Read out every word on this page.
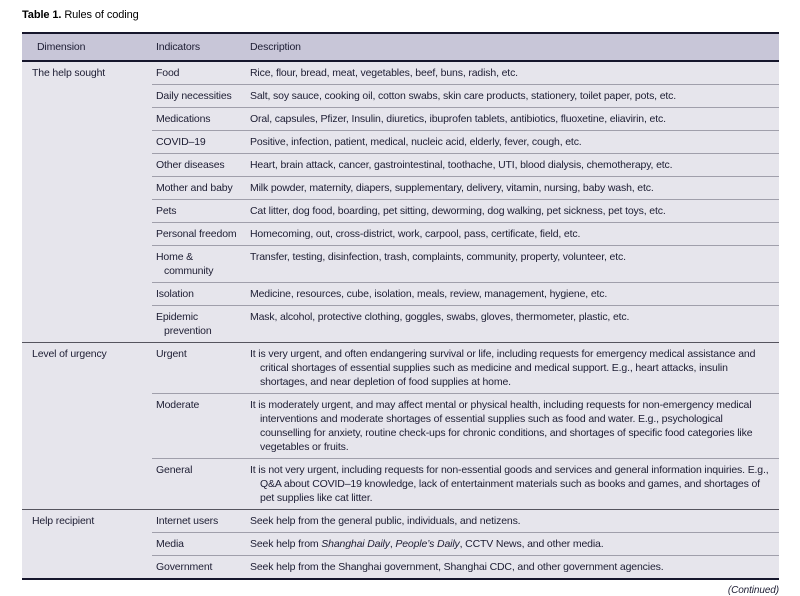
Table 1. Rules of coding
Dimension	Indicators	Description
The help sought	Food	Rice, flour, bread, meat, vegetables, beef, buns, radish, etc.
	Daily necessities	Salt, soy sauce, cooking oil, cotton swabs, skin care products, stationery, toilet paper, pots, etc.
	Medications	Oral, capsules, Pfizer, Insulin, diuretics, ibuprofen tablets, antibiotics, fluoxetine, eliavirin, etc.
	COVID–19	Positive, infection, patient, medical, nucleic acid, elderly, fever, cough, etc.
	Other diseases	Heart, brain attack, cancer, gastrointestinal, toothache, UTI, blood dialysis, chemotherapy, etc.
	Mother and baby	Milk powder, maternity, diapers, supplementary, delivery, vitamin, nursing, baby wash, etc.
	Pets	Cat litter, dog food, boarding, pet sitting, deworming, dog walking, pet sickness, pet toys, etc.
	Personal freedom	Homecoming, out, cross-district, work, carpool, pass, certificate, field, etc.
	Home & community	Transfer, testing, disinfection, trash, complaints, community, property, volunteer, etc.
	Isolation	Medicine, resources, cube, isolation, meals, review, management, hygiene, etc.
	Epidemic prevention	Mask, alcohol, protective clothing, goggles, swabs, gloves, thermometer, plastic, etc.
Level of urgency	Urgent	It is very urgent, and often endangering survival or life, including requests for emergency medical assistance and critical shortages of essential supplies such as medicine and medical support. E.g., heart attacks, insulin shortages, and near depletion of food supplies at home.
	Moderate	It is moderately urgent, and may affect mental or physical health, including requests for non-emergency medical interventions and moderate shortages of essential supplies such as food and water. E.g., psychological counselling for anxiety, routine check-ups for chronic conditions, and shortages of specific food categories like vegetables or fruits.
	General	It is not very urgent, including requests for non-essential goods and services and general information inquiries. E.g., Q&A about COVID–19 knowledge, lack of entertainment materials such as books and games, and shortages of pet supplies like cat litter.
Help recipient	Internet users	Seek help from the general public, individuals, and netizens.
	Media	Seek help from Shanghai Daily, People’s Daily, CCTV News, and other media.
	Government	Seek help from the Shanghai government, Shanghai CDC, and other government agencies.
(Continued)
